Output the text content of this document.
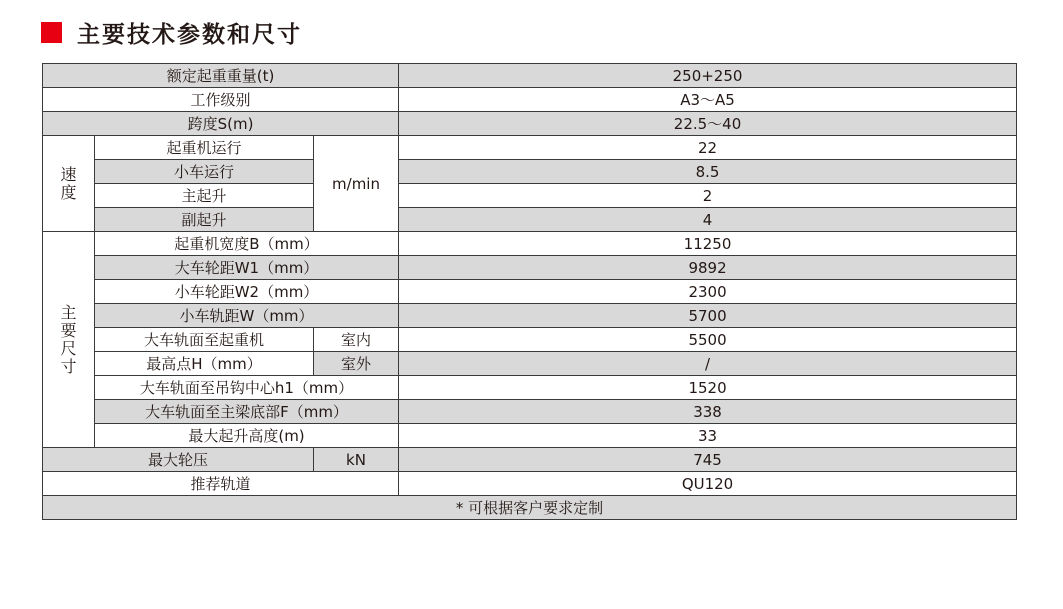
主要技术参数和尺寸
额定起重重量(t)			250+250
工作级别			A3～A5
跨度S(m)			22.5～40

速
度	起重机运行	m/min	22
	小车运行		8.5
	主起升		2
	副起升		4

主
要
尺
寸	起重机宽度B（mm）		11250
	大车轮距W1（mm）		9892
	小车轮距W2（mm）		2300
	小车轨距W（mm）		5700
	大车轨面至起重机	室内	5500
	最高点H（mm）	室外	/
	大车轨面至吊钩中心h1（mm）		1520
	大车轨面至主梁底部F（mm）		338
	最大起升高度(m)		33
最大轮压		kN	745
推荐轨道			QU120
* 可根据客户要求定制			
